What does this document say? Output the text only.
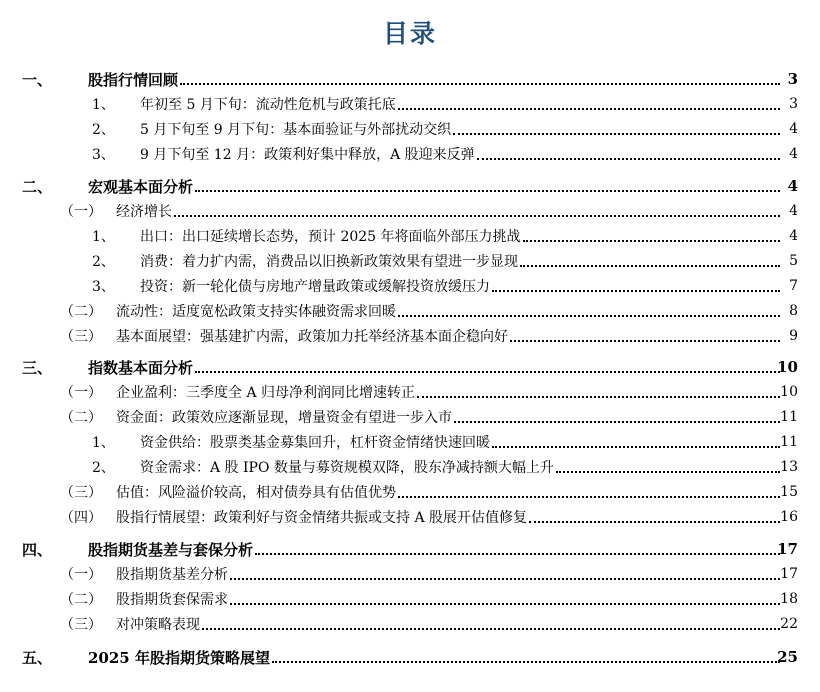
目录
一、 股指行情回顾	3
1、 年初至 5 月下旬：流动性危机与政策托底	3
2、 5 月下旬至 9 月下旬：基本面验证与外部扰动交织	4
3、 9 月下旬至 12 月：政策利好集中释放，A 股迎来反弹	4
二、 宏观基本面分析	4
（一） 经济增长	4
1、 出口：出口延续增长态势，预计 2025 年将面临外部压力挑战	4
2、 消费：着力扩内需，消费品以旧换新政策效果有望进一步显现	5
3、 投资：新一轮化债与房地产增量政策或缓解投资放缓压力	7
（二） 流动性：适度宽松政策支持实体融资需求回暖	8
（三） 基本面展望：强基建扩内需，政策加力托举经济基本面企稳向好	9
三、 指数基本面分析	10
（一） 企业盈利：三季度全 A 归母净利润同比增速转正	10
（二） 资金面：政策效应逐渐显现，增量资金有望进一步入市	11
1、 资金供给：股票类基金募集回升，杠杆资金情绪快速回暖	11
2、 资金需求：A 股 IPO 数量与募资规模双降，股东净减持额大幅上升	13
（三） 估值：风险溢价较高，相对债券具有估值优势	15
（四） 股指行情展望：政策利好与资金情绪共振或支持 A 股展开估值修复	16
四、 股指期货基差与套保分析	17
（一） 股指期货基差分析	17
（二） 股指期货套保需求	18
（三） 对冲策略表现	22
五、 2025 年股指期货策略展望	25
